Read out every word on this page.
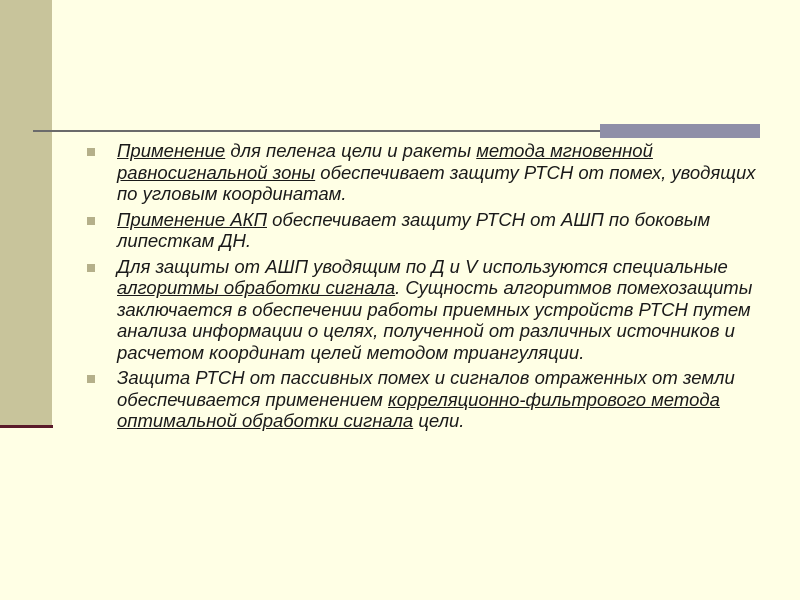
Применение для пеленга цели и ракеты метода мгновенной равносигнальной зоны обеспечивает защиту РТСН от помех, уводящих по угловым координатам.
Применение АКП обеспечивает защиту РТСН от АШП по боковым липесткам ДН.
Для защиты от АШП уводящим по Д и V используются специальные алгоритмы обработки сигнала. Сущность алгоритмов помехозащиты заключается в обеспечении работы приемных устройств РТСН путем анализа информации о целях, полученной от различных источников и расчетом координат целей методом триангуляции.
Защита РТСН от пассивных помех и сигналов отраженных от земли обеспечивается применением корреляционно-фильтрового метода оптимальной обработки сигнала цели.
